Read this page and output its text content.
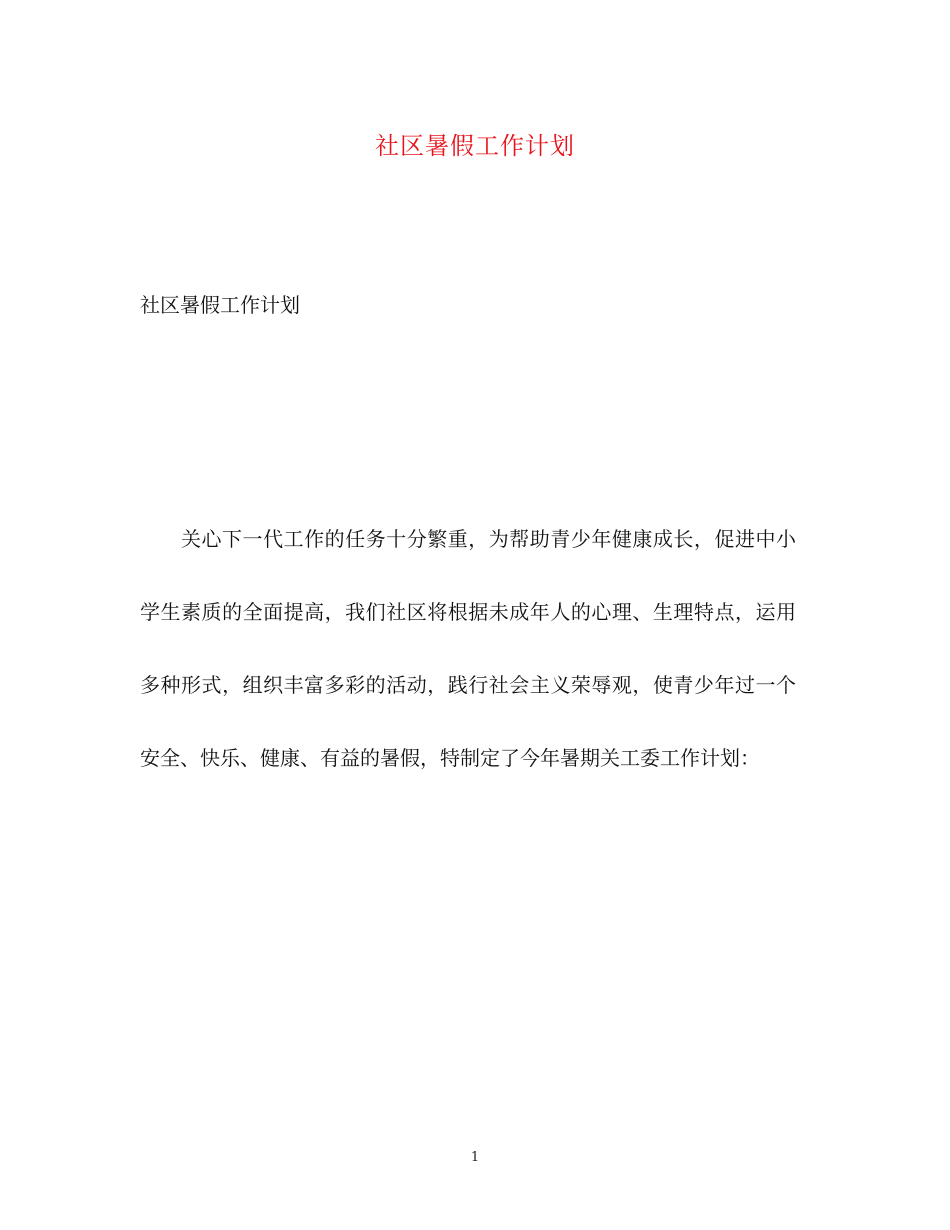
社区暑假工作计划
社区暑假工作计划

关心下一代工作的任务十分繁重，为帮助青少年健康成长，促进中小学生素质的全面提高，我们社区将根据未成年人的心理、生理特点，运用多种形式，组织丰富多彩的活动，践行社会主义荣辱观，使青少年过一个安全、快乐、健康、有益的暑假，特制定了今年暑期关工委工作计划：

1
